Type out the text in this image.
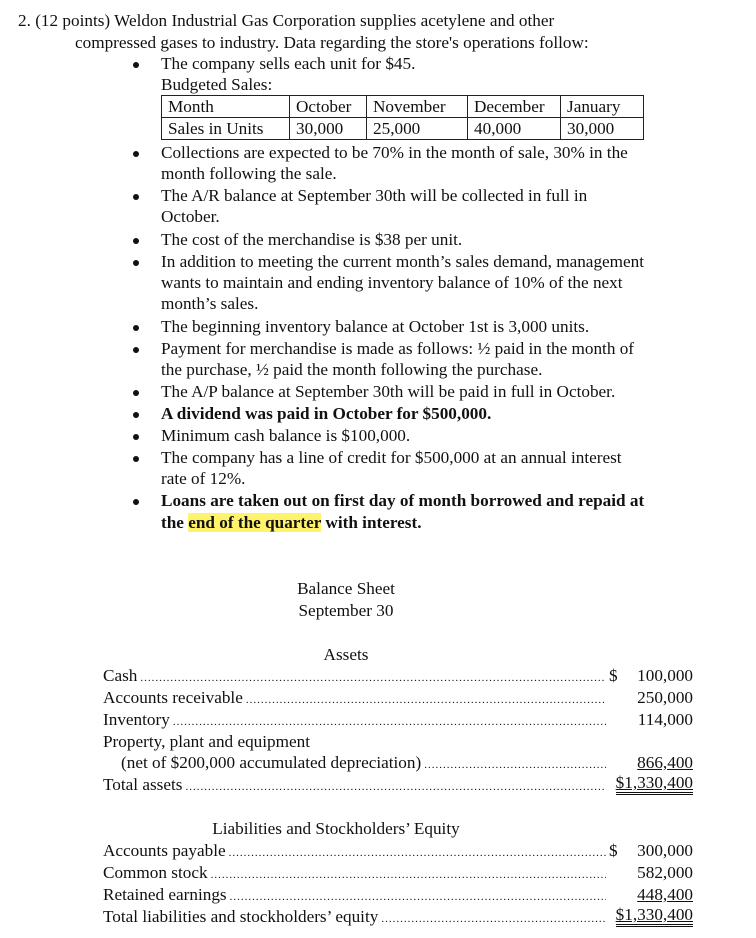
2. (12 points) Weldon Industrial Gas Corporation supplies acetylene and other
compressed gases to industry. Data regarding the store's operations follow:
The company sells each unit for $45.
Budgeted Sales:
Month	October	November	December	January
Sales in Units	30,000	25,000	40,000	30,000
Collections are expected to be 70% in the month of sale, 30% in the
month following the sale.
The A/R balance at September 30th will be collected in full in
October.
The cost of the merchandise is $38 per unit.
In addition to meeting the current month’s sales demand, management
wants to maintain and ending inventory balance of 10% of the next
month’s sales.
The beginning inventory balance at October 1st is 3,000 units.
Payment for merchandise is made as follows: ½ paid in the month of
the purchase, ½ paid the month following the purchase.
The A/P balance at September 30th will be paid in full in October.
A dividend was paid in October for $500,000.
Minimum cash balance is $100,000.
The company has a line of credit for $500,000 at an annual interest
rate of 12%.
Loans are taken out on first day of month borrowed and repaid at
the end of the quarter with interest.
Balance Sheet
September 30
Assets
Cash .....	$ 100,000
Accounts receivable .....	250,000
Inventory .....	114,000
Property, plant and equipment
(net of $200,000 accumulated depreciation) .....	866,400
Total assets .....	$1,330,400
Liabilities and Stockholders’ Equity
Accounts payable .....	$ 300,000
Common stock .....	582,000
Retained earnings .....	448,400
Total liabilities and stockholders’ equity .....	$1,330,400
